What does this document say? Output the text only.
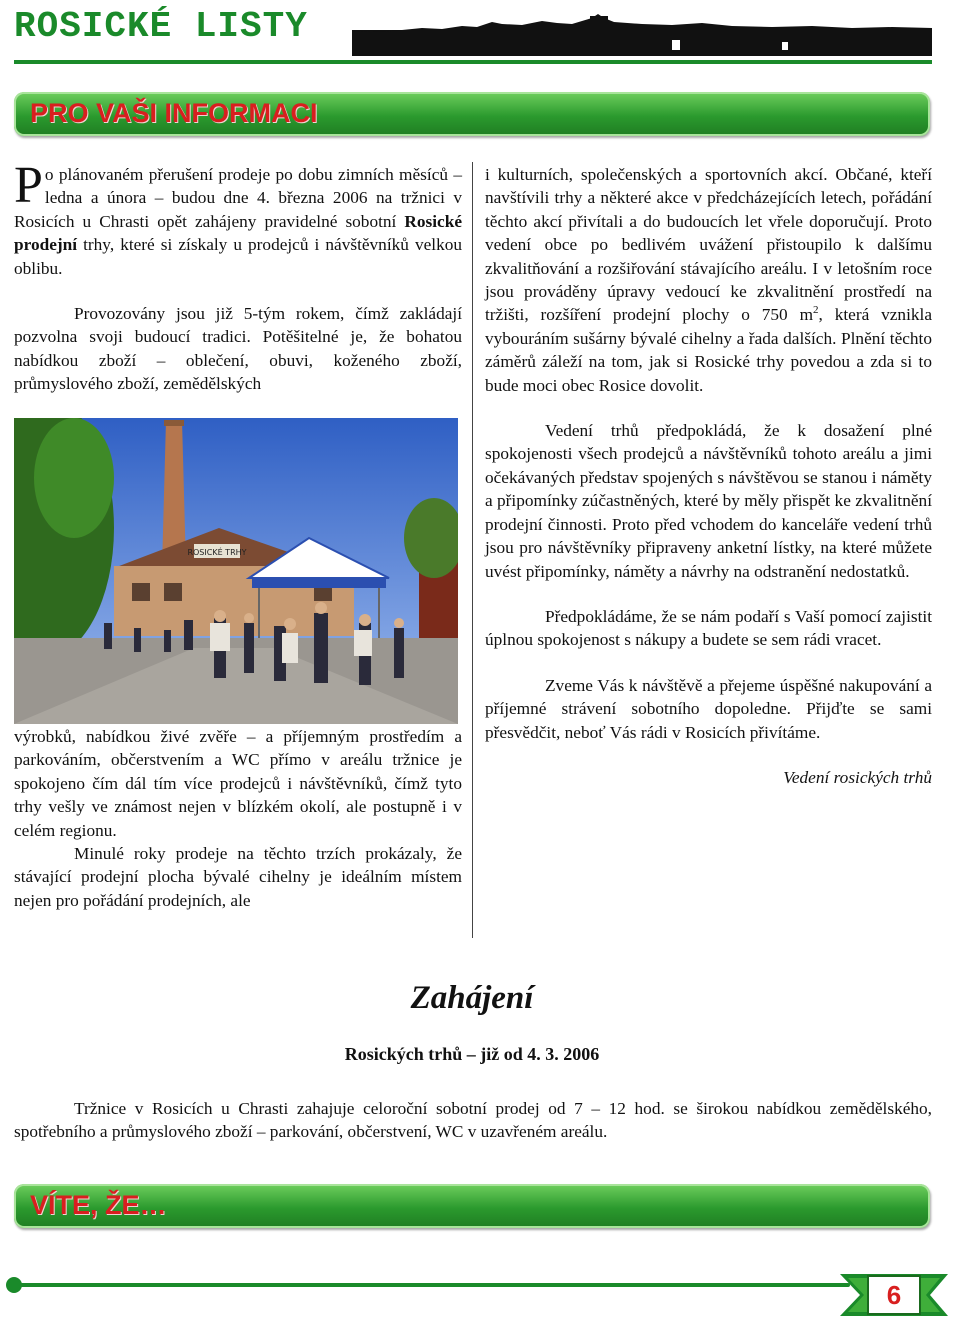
ROSICKÉ LISTY
PRO VAŠI INFORMACI

Po plánovaném přerušení prodeje po dobu zimních měsíců – ledna a února – budou dne 4. března 2006 na tržnici v Rosicích u Chrasti opět zahájeny pravidelné sobotní Rosické prodejní trhy, které si získaly u prodejců i návštěvníků velkou oblibu.

Provozovány jsou již 5-tým rokem, čímž zakládají pozvolna svoji budoucí tradici. Potěšitelné je, že bohatou nabídkou zboží – oblečení, obuvi, koženého zboží, průmyslového zboží, zemědělských

ROSICKÉ TRHY

výrobků, nabídkou živé zvěře – a příjemným prostředím a parkováním, občerstvením a WC přímo v areálu tržnice je spokojeno čím dál tím více prodejců i návštěvníků, čímž tyto trhy vešly ve známost nejen v blízkém okolí, ale postupně i v celém regionu.

Minulé roky prodeje na těchto trzích prokázaly, že stávající prodejní plocha bývalé cihelny je ideálním místem nejen pro pořádání prodejních, ale

i kulturních, společenských a sportovních akcí. Občané, kteří navštívili trhy a některé akce v předcházejících letech, pořádání těchto akcí přivítali a do budoucích let vřele doporučují. Proto vedení obce po bedlivém uvážení přistoupilo k dalšímu zkvalitňování a rozšiřování stávajícího areálu. I v letošním roce jsou prováděny úpravy vedoucí ke zkvalitnění prostředí na tržišti, rozšíření prodejní plochy o 750 $m^2$, která vznikla vybouráním sušárny bývalé cihelny a řada dalších. Plnění těchto záměrů záleží na tom, jak si Rosické trhy povedou a zda si to bude moci obec Rosice dovolit.

Vedení trhů předpokládá, že k dosažení plné spokojenosti všech prodejců a návštěvníků tohoto areálu a jimi očekávaných představ spojených s návštěvou se stanou i náměty a připomínky zúčastněných, které by měly přispět ke zkvalitnění prodejní činnosti. Proto před vchodem do kanceláře vedení trhů jsou pro návštěvníky připraveny anketní lístky, na které můžete uvést připomínky, náměty a návrhy na odstranění nedostatků.

Předpokládáme, že se nám podaří s Vaší pomocí zajistit úplnou spokojenost s nákupy a budete se sem rádi vracet.

Zveme Vás k návštěvě a přejeme úspěšné nakupování a příjemné strávení sobotního dopoledne. Přijďte se sami přesvědčit, neboť Vás rádi v Rosicích přivítáme.

Vedení rosických trhů

Zahájení
Rosických trhů – již od 4. 3. 2006
Tržnice v Rosicích u Chrasti zahajuje celoroční sobotní prodej od 7 – 12 hod. se širokou nabídkou zemědělského, spotřebního a průmyslového zboží – parkování, občerstvení, WC v uzavřeném areálu.
VÍTE, ŽE…
6
